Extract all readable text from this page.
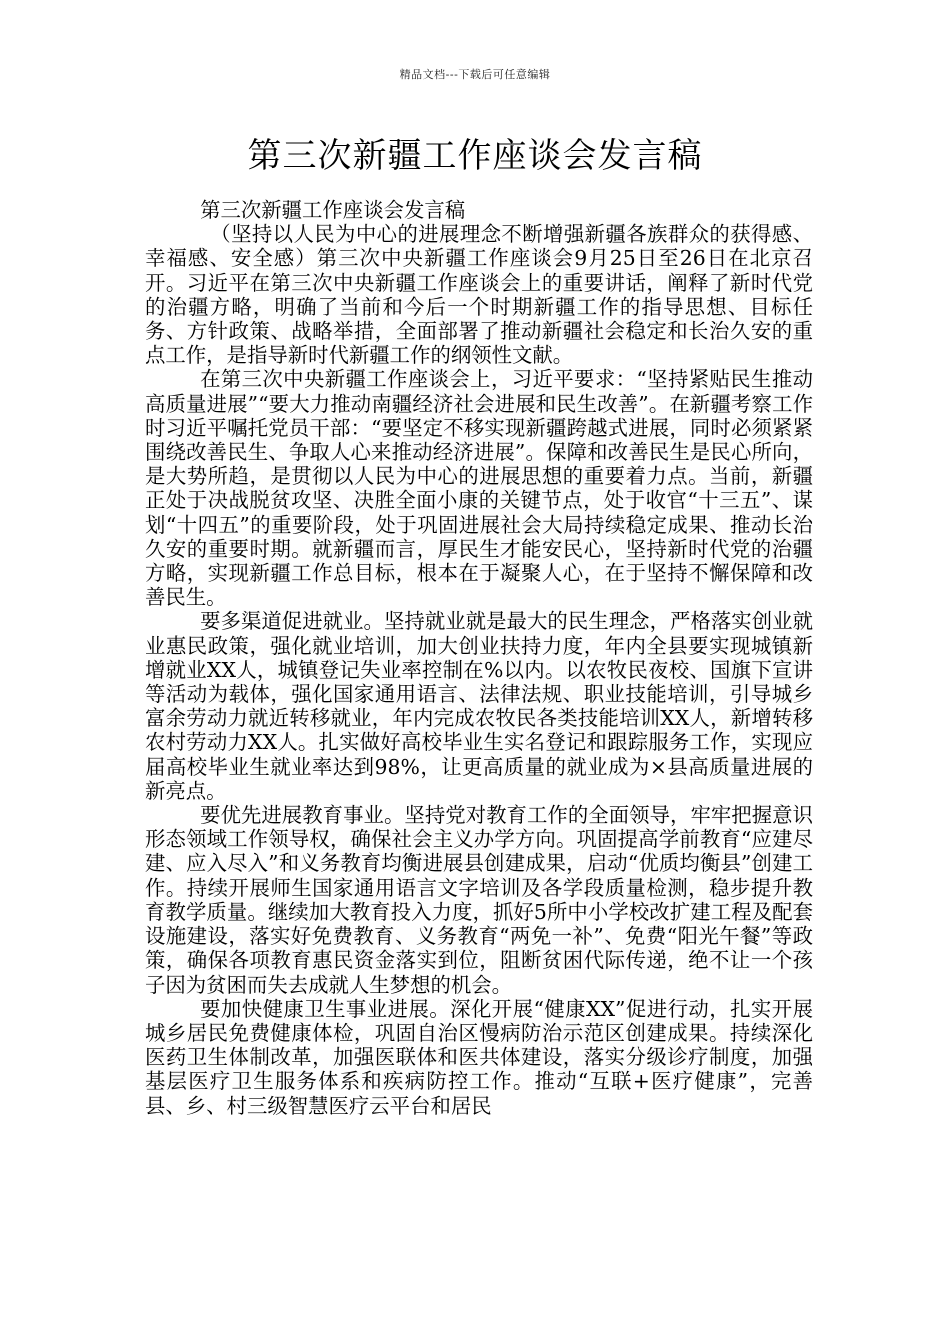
精品文档---下载后可任意编辑
第三次新疆工作座谈会发言稿

第三次新疆工作座谈会发言稿

（坚持以人民为中心的进展理念不断增强新疆各族群众的获得感、幸福感、安全感）第三次中央新疆工作座谈会9月25日至26日在北京召开。习近平在第三次中央新疆工作座谈会上的重要讲话，阐释了新时代党的治疆方略，明确了当前和今后一个时期新疆工作的指导思想、目标任务、方针政策、战略举措，全面部署了推动新疆社会稳定和长治久安的重点工作，是指导新时代新疆工作的纲领性文献。

在第三次中央新疆工作座谈会上，习近平要求：“坚持紧贴民生推动高质量进展”“要大力推动南疆经济社会进展和民生改善”。在新疆考察工作时习近平嘱托党员干部：“要坚定不移实现新疆跨越式进展，同时必须紧紧围绕改善民生、争取人心来推动经济进展”。保障和改善民生是民心所向，是大势所趋，是贯彻以人民为中心的进展思想的重要着力点。当前，新疆正处于决战脱贫攻坚、决胜全面小康的关键节点，处于收官“十三五”、谋划“十四五”的重要阶段，处于巩固进展社会大局持续稳定成果、推动长治久安的重要时期。就新疆而言，厚民生才能安民心，坚持新时代党的治疆方略，实现新疆工作总目标，根本在于凝聚人心，在于坚持不懈保障和改善民生。

要多渠道促进就业。坚持就业就是最大的民生理念，严格落实创业就业惠民政策，强化就业培训，加大创业扶持力度，年内全县要实现城镇新增就业XX人，城镇登记失业率控制在%以内。以农牧民夜校、国旗下宣讲等活动为载体，强化国家通用语言、法律法规、职业技能培训，引导城乡富余劳动力就近转移就业，年内完成农牧民各类技能培训XX人，新增转移农村劳动力XX人。扎实做好高校毕业生实名登记和跟踪服务工作，实现应届高校毕业生就业率达到98%，让更高质量的就业成为×县高质量进展的新亮点。

要优先进展教育事业。坚持党对教育工作的全面领导，牢牢把握意识形态领域工作领导权，确保社会主义办学方向。巩固提高学前教育“应建尽建、应入尽入”和义务教育均衡进展县创建成果，启动“优质均衡县”创建工作。持续开展师生国家通用语言文字培训及各学段质量检测，稳步提升教育教学质量。继续加大教育投入力度，抓好5所中小学校改扩建工程及配套设施建设，落实好免费教育、义务教育“两免一补”、免费“阳光午餐”等政策，确保各项教育惠民资金落实到位，阻断贫困代际传递，绝不让一个孩子因为贫困而失去成就人生梦想的机会。

要加快健康卫生事业进展。深化开展“健康XX”促进行动，扎实开展城乡居民免费健康体检，巩固自治区慢病防治示范区创建成果。持续深化医药卫生体制改革，加强医联体和医共体建设，落实分级诊疗制度，加强基层医疗卫生服务体系和疾病防控工作。推动“互联+医疗健康”，完善县、乡、村三级智慧医疗云平台和居民
